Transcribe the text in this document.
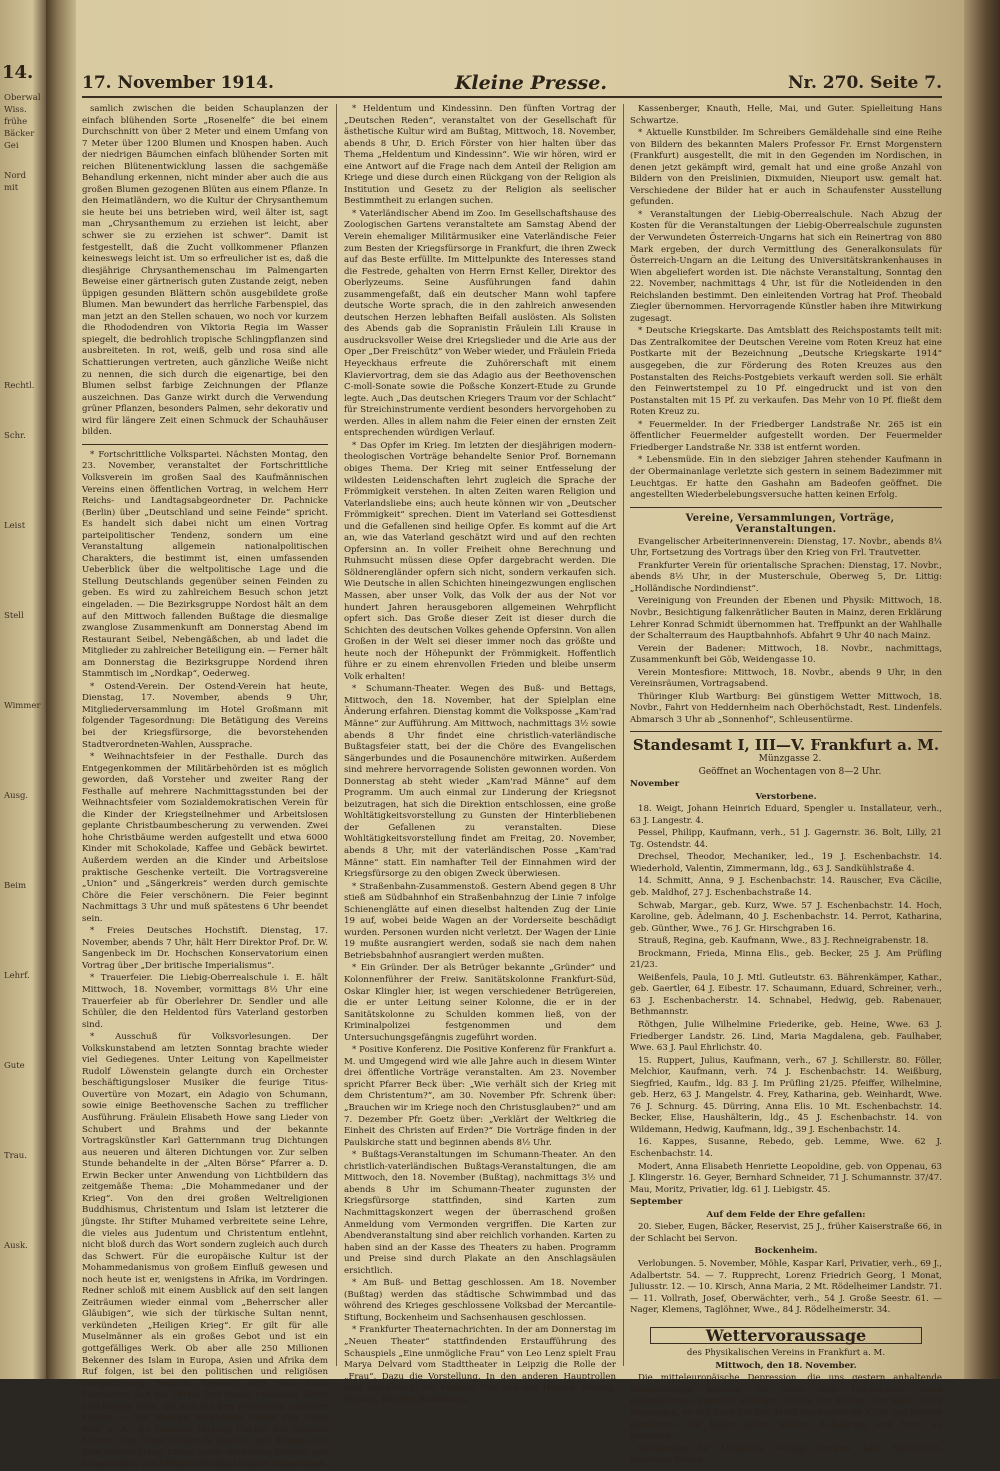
14.
Oberwal
Wiss.
frühe
Bäcker
Gei
Nord
mit
Rechtl.
Schr.
Leist
Stell
Wimmer
Ausg.
Beim
Lehrf.
Gute
Trau.
Ausk.
17. November 1914.	Kleine Presse.	Nr. 270. Seite 7.

samlich zwischen die beiden Schauplanzen der einfach blühenden Sorte „Rosenelfe“ die bei einem Durchschnitt von über 2 Meter und einem Umfang von 7 Meter über 1200 Blumen und Knospen haben. Auch der niedrigen Bäumchen einfach blühender Sorten mit reichen Blütenentwicklung lassen die sachgemäße Behandlung erkennen, nicht minder aber auch die aus großen Blumen gezogenen Blüten aus einem Pflanze. In den Heimatländern, wo die Kultur der Chrysanthemum sie heute bei uns betrieben wird, weil älter ist, sagt man „Chrysanthemum zu erziehen ist leicht, aber schwer sie zu erziehen ist schwer“. Damit ist festgestellt, daß die Zucht vollkommener Pflanzen keineswegs leicht ist. Um so erfreulicher ist es, daß die diesjährige Chrysanthemenschau im Palmengarten Beweise einer gärtnerisch guten Zustande zeigt, neben üppigen gesunden Blättern schön ausgebildete große Blumen. Man bewundert das herrliche Farbenspiel, das man jetzt an den Stellen schauen, wo noch vor kurzem die Rhododendren von Viktoria Regia im Wasser spiegelt, die bedrohlich tropische Schlingpflanzen sind ausbreiteten. In rot, weiß, gelb und rosa sind alle Schattierungen vertreten, auch gänzliche Weiße nicht zu nennen, die sich durch die eigenartige, bei den Blumen selbst farbige Zeichnungen der Pflanze auszeichnen. Das Ganze wirkt durch die Verwendung grüner Pflanzen, besonders Palmen, sehr dekorativ und wird für längere Zeit einen Schmuck der Schauhäuser bilden.

* Fortschrittliche Volkspartei. Nächsten Montag, den 23. November, veranstaltet der Fortschrittliche Volksverein im großen Saal des Kaufmännischen Vereins einen öffentlichen Vortrag, in welchem Herr Reichs- und Landtagsabgeordneter Dr. Pachnicke (Berlin) über „Deutschland und seine Feinde“ spricht. Es handelt sich dabei nicht um einen Vortrag parteipolitischer Tendenz, sondern um eine Veranstaltung allgemein nationalpolitischen Charakters, die bestimmt ist, einen umfassenden Ueberblick über die weltpolitische Lage und die Stellung Deutschlands gegenüber seinen Feinden zu geben. Es wird zu zahlreichem Besuch schon jetzt eingeladen. — Die Bezirksgruppe Nordost hält an dem auf den Mittwoch fallenden Bußtage die diesmalige zwanglose Zusammenkunft am Donnerstag Abend im Restaurant Seibel, Nebengäßchen, ab und ladet die Mitglieder zu zahlreicher Beteiligung ein. — Ferner hält am Donnerstag die Bezirksgruppe Nordend ihren Stammtisch im „Nordkap“, Oederweg.

* Ostend-Verein. Der Ostend-Verein hat heute, Dienstag, 17. November, abends 9 Uhr, Mitgliederversammlung im Hotel Großmann mit folgender Tagesordnung: Die Betätigung des Vereins bei der Kriegsfürsorge, die bevorstehenden Stadtverordneten-Wahlen, Aussprache.

* Weihnachtsfeier in der Festhalle. Durch das Entgegenkommen der Militärbehörden ist es möglich geworden, daß Vorsteher und zweiter Rang der Festhalle auf mehrere Nachmittagsstunden bei der Weihnachtsfeier vom Sozialdemokratischen Verein für die Kinder der Kriegsteilnehmer und Arbeitslosen geplante Christbaumbescherung zu verwenden. Zwei hohe Christbäume werden aufgestellt und etwa 6000 Kinder mit Schokolade, Kaffee und Gebäck bewirtet. Außerdem werden an die Kinder und Arbeitslose praktische Geschenke verteilt. Die Vortragsvereine „Union“ und „Sängerkreis“ werden durch gemischte Chöre die Feier verschönern. Die Feier beginnt Nachmittags 3 Uhr und muß spätestens 6 Uhr beendet sein.

* Freies Deutsches Hochstift. Dienstag, 17. November, abends 7 Uhr, hält Herr Direktor Prof. Dr. W. Sangenbeck im Dr. Hochschen Konservatorium einen Vortrag über „Der britische Imperialismus“.

* Trauerfeier. Die Liebig-Oberrealschule i. E. hält Mittwoch, 18. November, vormittags 8½ Uhr eine Trauerfeier ab für Oberlehrer Dr. Sendler und alle Schüler, die den Heldentod fürs Vaterland gestorben sind.

* Ausschuß für Volksvorlesungen. Der Volkskunstabend am letzten Sonntag brachte wieder viel Gediegenes. Unter Leitung von Kapellmeister Rudolf Löwenstein gelangte durch ein Orchester beschäftigungsloser Musiker die feurige Titus-Ouvertüre von Mozart, ein Adagio von Schumann, sowie einige Beethovensche Sachen zu trefflicher Ausführung. Fräulein Elisabeth Howe sang Lieder von Schubert und Brahms und der bekannte Vortragskünstler Karl Gatternmann trug Dichtungen aus neueren und älteren Dichtungen vor. Zur selben Stunde behandelte in der „Alten Börse“ Pfarrer a. D. Erwin Becker unter Anwendung von Lichtbildern das zeitgemäße Thema: „Die Mohammedaner und der Krieg“. Von den drei großen Weltreligionen Buddhismus, Christentum und Islam ist letzterer die jüngste. Ihr Stifter Muhamed verbreitete seine Lehre, die vieles aus Judentum und Christentum entlehnt, nicht bloß durch das Wort sondern zugleich auch durch das Schwert. Für die europäische Kultur ist der Mohammedanismus von großem Einfluß gewesen und noch heute ist er, wenigstens in Afrika, im Vordringen. Redner schloß mit einem Ausblick auf den seit langen Zeiträumen wieder einmal vom „Beherrscher aller Gläubigen“, wie sich der türkische Sultan nennt, verkündeten „Heiligen Krieg“. Er gilt für alle Muselmänner als ein großes Gebot und ist ein gottgefälliges Werk. Ob aber alle 250 Millionen Bekenner des Islam in Europa, Asien und Afrika dem Ruf folgen, ist bei den politischen und religiösen Zersplitterung fraglich. Deshalb darf man nicht übersehen, daß die Türkei ihre neuen religiösen Weise durchzogen wird, die sich bei den politischen Gebieten äußert. — Der Vortrag unrahmten Lieder von Hugo Wolf u. A., die Fräulein Hedwig Fischer mit schöner Stimme und feiner Ausdruck brachte, und Einiges aus dem Westöstlichen Divan, sowie zahlreiche Helden- und Siegeslieder, von Fräulein Nechtild Schein vorgetragen.

* Heldentum und Kindessinn. Den fünften Vortrag der „Deutschen Reden“, veranstaltet von der Gesellschaft für ästhetische Kultur wird am Bußtag, Mittwoch, 18. November, abends 8 Uhr, D. Erich Förster von hier halten über das Thema „Heldentum und Kindessinn“. Wie wir hören, wird er eine Antwort auf die Frage nach dem Anteil der Religion am Kriege und diese durch einen Rückgang von der Religion als Institution und Gesetz zu der Religion als seelischer Bestimmtheit zu erlangen suchen.

* Vaterländischer Abend im Zoo. Im Gesellschaftshause des Zoologischen Gartens veranstaltete am Samstag Abend der Verein ehemaliger Militärmusiker eine Vaterländische Feier zum Besten der Kriegsfürsorge in Frankfurt, die ihren Zweck auf das Beste erfüllte. Im Mittelpunkte des Interesses stand die Festrede, gehalten von Herrn Ernst Keller, Direktor des Oberlyzeums. Seine Ausführungen fand dahin zusammengefaßt, daß ein deutscher Mann wohl tapfere deutsche Worte sprach, die in den zahlreich anwesenden deutschen Herzen lebhaften Beifall auslösten. Als Solisten des Abends gab die Sopranistin Fräulein Lili Krause in ausdrucksvoller Weise drei Kriegslieder und die Arie aus der Oper „Der Freischütz“ von Weber wieder, und Fräulein Frieda Heyeckhaus erfreute die Zuhörerschaft mit einem Klaviervortrag, dem sie das Adagio aus der Beethovenschen C-moll-Sonate sowie die Poßsche Konzert-Etude zu Grunde legte. Auch „Das deutschen Kriegers Traum vor der Schlacht“ für Streichinstrumente verdient besonders hervorgehoben zu werden. Alles in allem nahm die Feier einen der ernsten Zeit entsprechenden würdigen Verlauf.

* Das Opfer im Krieg. Im letzten der diesjährigen modern-theologischen Vorträge behandelte Senior Prof. Bornemann obiges Thema. Der Krieg mit seiner Entfesselung der wildesten Leidenschaften lehrt zugleich die Sprache der Frömmigkeit verstehen. In alten Zeiten waren Religion und Vaterlandsliebe eins; auch heute können wir von „Deutscher Frömmigkeit“ sprechen. Dient im Vaterland sei Gottesdienst und die Gefallenen sind heilige Opfer. Es kommt auf die Art an, wie das Vaterland geschätzt wird und auf den rechten Opfersinn an. In voller Freiheit ohne Berechnung und Ruhmsucht müssen diese Opfer dargebracht werden. Die Söldnerengländer opfern sich nicht, sondern verkaufen sich. Wie Deutsche in allen Schichten hineingezwungen englischen Massen, aber unser Volk, das Volk der aus der Not vor hundert Jahren herausgeboren allgemeinen Wehrpflicht opfert sich. Das Große dieser Zeit ist dieser durch die Schichten des deutschen Volkes gehende Opfersinn. Von allen Großen in der Welt sei dieser immer noch das größte und heute noch der Höhepunkt der Frömmigkeit. Hoffentlich führe er zu einem ehrenvollen Frieden und bleibe unserm Volk erhalten!

* Schumann-Theater. Wegen des Buß- und Bettags, Mittwoch, den 18. November, hat der Spielplan eine Änderung erfahren. Dienstag kommt die Volksposse „Kam'rad Männe“ zur Aufführung. Am Mittwoch, nachmittags 3½ sowie abends 8 Uhr findet eine christlich-vaterländische Bußtagsfeier statt, bei der die Chöre des Evangelischen Sängerbundes und die Posaunenchöre mitwirken. Außerdem sind mehrere hervorragende Solisten gewonnen worden. Von Donnerstag ab steht wieder „Kam'rad Männe“ auf dem Programm. Um auch einmal zur Linderung der Kriegsnot beizutragen, hat sich die Direktion entschlossen, eine große Wohltätigkeitsvorstellung zu Gunsten der Hinterbliebenen der Gefallenen zu veranstalten. Diese Wohltätigkeitsvorstellung findet am Freitag, 20. November, abends 8 Uhr, mit der vaterländischen Posse „Kam'rad Männe“ statt. Ein namhafter Teil der Einnahmen wird der Kriegsfürsorge zu den obigen Zweck überwiesen.

* Straßenbahn-Zusammenstoß. Gestern Abend gegen 8 Uhr stieß am Südbahnhof ein Straßenbahnzug der Linie 7 infolge Schienenglätte auf einen dieselbst haltenden Zug der Linie 19 auf, wobei beide Wagen an der Vorderseite beschädigt wurden. Personen wurden nicht verletzt. Der Wagen der Linie 19 mußte ausrangiert werden, sodaß sie nach dem nahen Betriebsbahnhof ausrangiert werden mußten.

* Ein Gründer. Der als Betrüger bekannte „Gründer“ und Kolonnenführer der Freiw. Sanitätskolonne Frankfurt-Süd, Oskar Klingler hier, ist wegen verschiedener Betrügereien, die er unter Leitung seiner Kolonne, die er in der Sanitätskolonne zu Schulden kommen ließ, von der Kriminalpolizei festgenommen und dem Untersuchungsgefängnis zugeführt worden.

* Positive Konferenz. Die Positive Konferenz für Frankfurt a. M. und Umgegend wird wie alle Jahre auch in diesem Winter drei öffentliche Vorträge veranstalten. Am 23. November spricht Pfarrer Beck über: „Wie verhält sich der Krieg mit dem Christentum?“, am 30. November Pfr. Schrenk über: „Brauchen wir im Kriege noch den Christusglauben?“ und am 7. Dezember Pfr. Goetz über: „Verklärt der Weltkrieg die Einheit des Christen auf Erden?“ Die Vorträge finden in der Paulskirche statt und beginnen abends 8½ Uhr.

* Bußtags-Veranstaltungen im Schumann-Theater. An den christlich-vaterländischen Bußtags-Veranstaltungen, die am Mittwoch, den 18. November (Bußtag), nachmittags 3½ und abends 8 Uhr im Schumann-Theater zugunsten der Kriegsfürsorge stattfinden, sind Karten zum Nachmittagskonzert wegen der überraschend großen Anmeldung vom Vermonden vergriffen. Die Karten zur Abendveranstaltung sind aber reichlich vorhanden. Karten zu haben sind an der Kasse des Theaters zu haben. Programm und Preise sind durch Plakate an den Anschlagsäulen ersichtlich.

* Am Buß- und Bettag geschlossen. Am 18. November (Bußtag) werden das städtische Schwimmbad und das wöhrend des Krieges geschlossene Volksbad der Mercantile-Stiftung, Bockenheim und Sachsenhausen geschlossen.

* Frankfurter Theaternachrichten. In der am Donnerstag im „Neuen Theater“ stattfindenden Erstaufführung des Schauspiels „Eine unmögliche Frau“ von Leo Lenz spielt Frau Marya Delvard vom Stadttheater in Leipzig die Rolle der „Frau“. Dazu die Vorstellung. In den anderen Hauptrollen sind beschäftigt: Bei Marieta Olly und den Herren: Heding, Fromet, Klöpfer, Rödenbock.

Kassenberger, Knauth, Helle, Mai, und Guter. Spielleitung Hans Schwartze.

* Aktuelle Kunstbilder. Im Schreibers Gemäldehalle sind eine Reihe von Bildern des bekannten Malers Professor Fr. Ernst Morgenstern (Frankfurt) ausgestellt, die mit in den Gegenden im Nordischen, in denen jetzt gekämpft wird, gemalt hat und eine große Anzahl von Bildern von den Preislinien, Dixmuiden, Nieuport usw. gemalt hat. Verschiedene der Bilder hat er auch in Schaufenster Ausstellung gefunden.

* Veranstaltungen der Liebig-Oberrealschule. Nach Abzug der Kosten für die Veranstaltungen der Liebig-Oberrealschule zugunsten der Verwundeten Österreich-Ungarns hat sich ein Reinertrag von 880 Mark ergeben, der durch Vermittlung des Generalkonsulats für Österreich-Ungarn an die Leitung des Universitätskrankenhauses in Wien abgeliefert worden ist. Die nächste Veranstaltung, Sonntag den 22. November, nachmittags 4 Uhr, ist für die Notleidenden in den Reichslanden bestimmt. Den einleitenden Vortrag hat Prof. Theobald Ziegler übernommen. Hervorragende Künstler haben ihre Mitwirkung zugesagt.

* Deutsche Kriegskarte. Das Amtsblatt des Reichspostamts teilt mit: Das Zentralkomitee der Deutschen Vereine vom Roten Kreuz hat eine Postkarte mit der Bezeichnung „Deutsche Kriegskarte 1914“ ausgegeben, die zur Förderung des Roten Kreuzes aus den Postanstalten des Reichs-Postgebiets verkauft werden soll. Sie erhält den Feinwertstempel zu 10 Pf. eingedruckt und ist von den Postanstalten mit 15 Pf. zu verkaufen. Das Mehr von 10 Pf. fließt dem Roten Kreuz zu.

* Feuermelder. In der Friedberger Landstraße Nr. 265 ist ein öffentlicher Feuermelder aufgestellt worden. Der Feuermelder Friedberger Landstraße Nr. 338 ist entfernt worden.

* Lebensmüde. Ein in den siebziger Jahren stehender Kaufmann in der Obermainanlage verletzte sich gestern in seinem Badezimmer mit Leuchtgas. Er hatte den Gashahn am Badeofen geöffnet. Die angestellten Wiederbelebungsversuche hatten keinen Erfolg.

Vereine, Versammlungen, Vorträge, Veranstaltungen.

Evangelischer Arbeiterinnenverein: Dienstag, 17. Novbr., abends 8¼ Uhr, Fortsetzung des Vortrags über den Krieg von Frl. Trautvetter.

Frankfurter Verein für orientalische Sprachen: Dienstag, 17. Novbr., abends 8½ Uhr, in der Musterschule, Oberweg 5, Dr. Littig: „Holländische Nordindienst“.

Vereinigung von Freunden der Ebenen und Physik: Mittwoch, 18. Novbr., Besichtigung falkenrätlicher Bauten in Mainz, deren Erklärung Lehrer Konrad Schmidt übernommen hat. Treffpunkt an der Wahlhalle der Schalterraum des Hauptbahnhofs. Abfahrt 9 Uhr 40 nach Mainz.

Verein der Badener: Mittwoch, 18. Novbr., nachmittags, Zusammenkunft bei Göb, Weidengasse 10.

Verein Montesfiore: Mittwoch, 18. Novbr., abends 9 Uhr, in den Vereinsräumen, Vortragsabend.

Thüringer Klub Wartburg: Bei günstigem Wetter Mittwoch, 18. Novbr., Fahrt von Heddernheim nach Oberhöchstadt, Rest. Lindenfels. Abmarsch 3 Uhr ab „Sonnenhof“, Schleusentürme.

Standesamt I, III—V. Frankfurt a. M.

Münzgasse 2.

Geöffnet an Wochentagen von 8—2 Uhr.

November

Verstorbene.

18. Weigt, Johann Heinrich Eduard, Spengler u. Installateur, verh., 63 J. Langestr. 4.

Pessel, Philipp, Kaufmann, verh., 51 J. Gagernstr. 36. Bolt, Lilly, 21 Tg. Ostendstr. 44.

Drechsel, Theodor, Mechaniker, led., 19 J. Eschenbachstr. 14. Wiederhold, Valentin, Zimmermann, ldg., 63 J. Sandkühlstraße 4.

14. Schmitt, Anna, 9 J. Eschenbachstr. 14. Rauscher, Eva Cäcilie, geb. Maldhof, 27 J. Eschenbachstraße 14.

Schwab, Margar., geb. Kurz, Wwe. 57 J. Eschenbachstr. 14. Hoch, Karoline, geb. Ädelmann, 40 J. Eschenbachstr. 14. Perrot, Katharina, geb. Günther, Wwe., 76 J. Gr. Hirschgraben 16.

Strauß, Regina, geb. Kaufmann, Wwe., 83 J. Rechneigrabenstr. 18.

Brockmann, Frieda, Minna Elis., geb. Becker, 25 J. Am Prüfling 21/23.

Weißenfels, Paula, 10 J. Mtl. Gutleutstr. 63. Bährenkämper, Kathar., geb. Gaertler, 64 J. Eibestr. 17. Schaumann, Eduard, Schreiner, verh., 63 J. Eschenbacherstr. 14. Schnabel, Hedwig, geb. Rabenauer, Bethmannstr.

Röthgen, Julie Wilhelmine Friederike, geb. Heine, Wwe. 63 J. Friedberger Landstr. 26. Lind, Maria Magdalena, geb. Faulhaber, Wwe. 63 J. Paul Ehrlichstr. 40.

15. Ruppert, Julius, Kaufmann, verh., 67 J. Schillerstr. 80. Föller, Melchior, Kaufmann, verh. 74 J. Eschenbachstr. 14. Weißburg, Siegfried, Kaufm., ldg. 83 J. Im Prüfling 21/25. Pfeiffer, Wilhelmine, geb. Herz, 63 J. Mangelstr. 4. Frey, Katharina, geb. Weinhardt, Wwe. 76 J. Schnurg. 45. Dürring, Anna Elis. 10 Mt. Eschenbachstr. 14. Becker, Elise, Haushälterin, ldg., 45 J. Eschenbachstr. 14. von Wildemann, Hedwig, Kaufmann, ldg., 39 J. Eschenbachstr. 14.

16. Kappes, Susanne, Rebedo, geb. Lemme, Wwe. 62 J. Eschenbachstr. 14.

Modert, Anna Elisabeth Henriette Leopoldine, geb. von Oppenau, 63 J. Klingerstr. 16. Geyer, Bernhard Schneider, 71 J. Schumannstr. 37/47. Mau, Moritz, Privatier, ldg. 61 J. Liebigstr. 45.

September

Auf dem Felde der Ehre gefallen:

20. Sieber, Eugen, Bäcker, Reservist, 25 J., früher Kaiserstraße 66, in der Schlacht bei Servon.

Bockenheim.

Verlobungen. 5. November, Möhle, Kaspar Karl, Privatier, verh., 69 J., Adalbertstr. 54. — 7. Rupprecht, Lorenz Friedrich Georg, 1 Monat, Juliusstr. 12. — 10. Kirsch, Anna Maria, 2 Mt. Rödelheimer Landstr. 71. — 11. Vollrath, Josef, Oberwächter, verh., 54 J. Große Seestr. 61. — Nager, Klemens, Taglöhner, Wwe., 84 J. Rödelheimerstr. 34.

Wettervoraussage

des Physikalischen Vereins in Frankfurt a. M.

Mittwoch, den 18. November.

Die mitteleuropäische Depression, die uns gestern anhaltende Niederschläge brachte, ist unter dem Herannahen eines ausgedehnten, ziemlich kräftigen Hochs von Westen her nach Osten abgezogen, so daß auch bei uns durch Nordostwinde Kälte und Schnee abnehmen. Wir haben daher weitere Aufklärung und Frost zu erwarten.

Vorhersage für Mittwoch: Wolkig, trocken, kalt, Nachtfrost, nördliche Winde.
